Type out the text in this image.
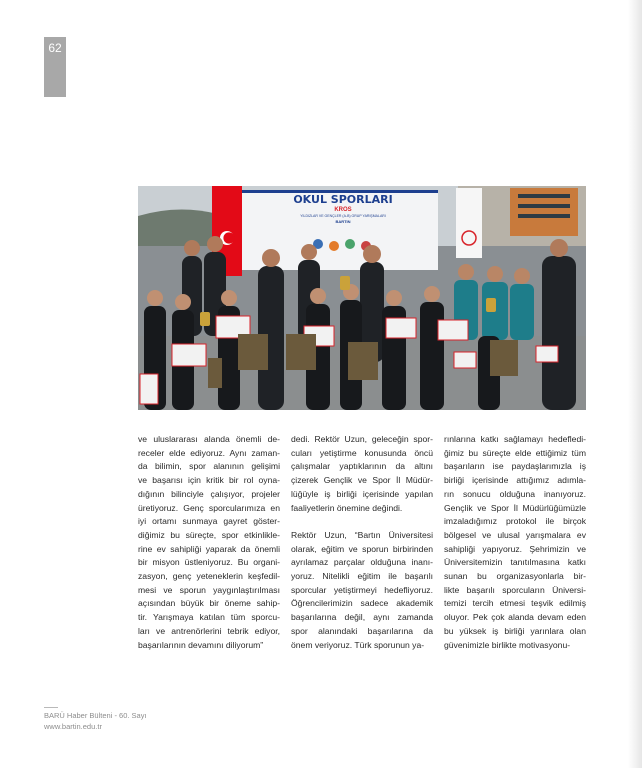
62
OKUL SPORLARI
KROS
YILDIZLAR VE GENÇLER (A-B) GRUP YARIŞMALARI
BARTIN

ve uluslararası alanda önemli de-
receler elde ediyoruz. Aynı zaman-
da bilimin, spor alanının gelişimi
ve başarısı için kritik bir rol oyna-
dığının bilinciyle çalışıyor, projeler
üretiyoruz. Genç sporcularımıza en
iyi ortamı sunmaya gayret göster-
diğimiz bu süreçte, spor etkinlikle-
rine ev sahipliği yaparak da önemli
bir misyon üstleniyoruz. Bu organi-
zasyon, genç yeteneklerin keşfedil-
mesi ve sporun yaygınlaştırılması
açısından büyük bir öneme sahip-
tir. Yarışmaya katılan tüm sporcu-
ları ve antrenörlerini tebrik ediyor,
başarılarının devamını diliyorum”

dedi. Rektör Uzun, geleceğin spor-
cuları yetiştirme konusunda öncü
çalışmalar yaptıklarının da altını
çizerek Gençlik ve Spor İl Müdür-
lüğüyle iş birliği içerisinde yapılan
faaliyetlerin önemine değindi.

Rektör Uzun, “Bartın Üniversitesi
olarak, eğitim ve sporun birbirinden
ayrılamaz parçalar olduğuna inanı-
yoruz. Nitelikli eğitim ile başarılı
sporcular yetiştirmeyi hedefliyoruz.
Öğrencilerimizin sadece akademik
başarılarına değil, aynı zamanda
spor alanındaki başarılarına da
önem veriyoruz. Türk sporunun ya-

rınlarına katkı sağlamayı hedefledi-
ğimiz bu süreçte elde ettiğimiz tüm
başarıların ise paydaşlarımızla iş
birliği içerisinde attığımız adımla-
rın sonucu olduğuna inanıyoruz.
Gençlik ve Spor İl Müdürlüğümüzle
imzaladığımız protokol ile birçok
bölgesel ve ulusal yarışmalara ev
sahipliği yapıyoruz. Şehrimizin ve
Üniversitemizin tanıtılmasına katkı
sunan bu organizasyonlarla bir-
likte başarılı sporcuların Üniversi-
temizi tercih etmesi teşvik edilmiş
oluyor. Pek çok alanda devam eden
bu yüksek iş birliği yarınlara olan
güvenimizle birlikte motivasyonu-

BARÜ Haber Bülteni - 60. Sayı
www.bartin.edu.tr
